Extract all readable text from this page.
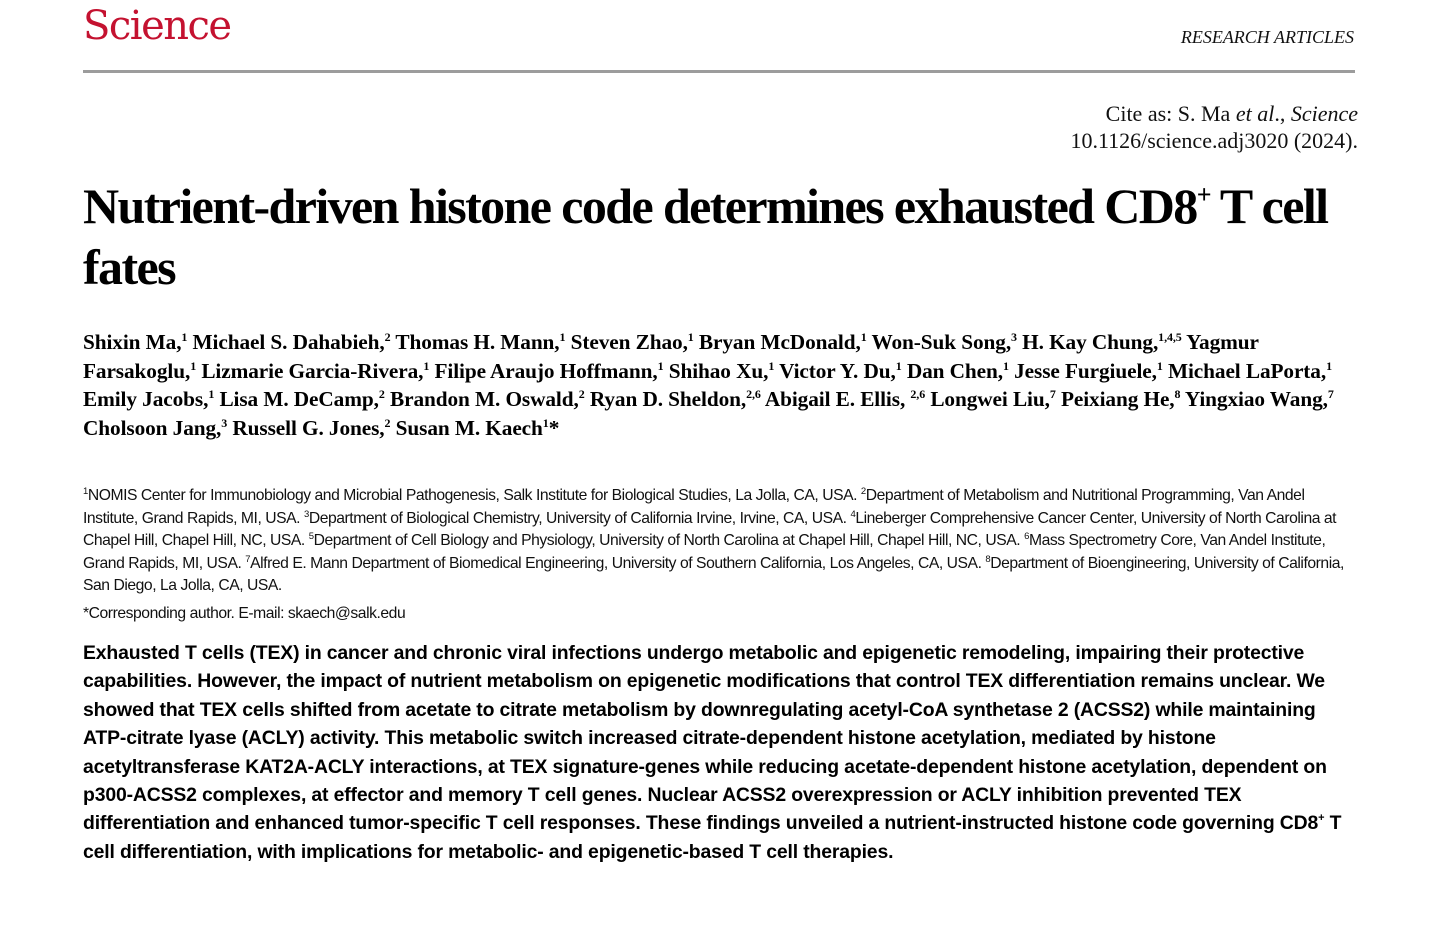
Science	RESEARCH ARTICLES
Cite as: S. Ma et al., Science
10.1126/science.adj3020 (2024).
Nutrient-driven histone code determines exhausted CD8+ T cell fates

Shixin Ma,$^1$ Michael S. Dahabieh,$^2$ Thomas H. Mann,$^1$ Steven Zhao,$^1$ Bryan McDonald,$^1$ Won-Suk Song,$^3$ H. Kay Chung,$^{1,4,5}$ Yagmur Farsakoglu,$^1$ Lizmarie Garcia-Rivera,$^1$ Filipe Araujo Hoffmann,$^1$ Shihao Xu,$^1$ Victor Y. Du,$^1$ Dan Chen,$^1$ Jesse Furgiuele,$^1$ Michael LaPorta,$^1$ Emily Jacobs,$^1$ Lisa M. DeCamp,$^2$ Brandon M. Oswald,$^2$ Ryan D. Sheldon,$^{2,6}$ Abigail E. Ellis, $^{2,6}$ Longwei Liu,$^7$ Peixiang He,$^8$ Yingxiao Wang,$^7$ Cholsoon Jang,$^3$ Russell G. Jones,$^2$ Susan M. Kaech$^1$*

$^1$NOMIS Center for Immunobiology and Microbial Pathogenesis, Salk Institute for Biological Studies, La Jolla, CA, USA. $^2$Department of Metabolism and Nutritional Programming, Van Andel Institute, Grand Rapids, MI, USA. $^3$Department of Biological Chemistry, University of California Irvine, Irvine, CA, USA. $^4$Lineberger Comprehensive Cancer Center, University of North Carolina at Chapel Hill, Chapel Hill, NC, USA. $^5$Department of Cell Biology and Physiology, University of North Carolina at Chapel Hill, Chapel Hill, NC, USA. $^6$Mass Spectrometry Core, Van Andel Institute, Grand Rapids, MI, USA. $^7$Alfred E. Mann Department of Biomedical Engineering, University of Southern California, Los Angeles, CA, USA. $^8$Department of Bioengineering, University of California, San Diego, La Jolla, CA, USA.

*Corresponding author. E-mail: skaech@salk.edu

Exhausted T cells (TEX) in cancer and chronic viral infections undergo metabolic and epigenetic remodeling, impairing their protective capabilities. However, the impact of nutrient metabolism on epigenetic modifications that control TEX differentiation remains unclear. We showed that TEX cells shifted from acetate to citrate metabolism by downregulating acetyl-CoA synthetase 2 (ACSS2) while maintaining ATP-citrate lyase (ACLY) activity. This metabolic switch increased citrate-dependent histone acetylation, mediated by histone acetyltransferase KAT2A-ACLY interactions, at TEX signature-genes while reducing acetate-dependent histone acetylation, dependent on p300-ACSS2 complexes, at effector and memory T cell genes. Nuclear ACSS2 overexpression or ACLY inhibition prevented TEX differentiation and enhanced tumor-specific T cell responses. These findings unveiled a nutrient-instructed histone code governing CD8+ T cell differentiation, with implications for metabolic- and epigenetic-based T cell therapies.
